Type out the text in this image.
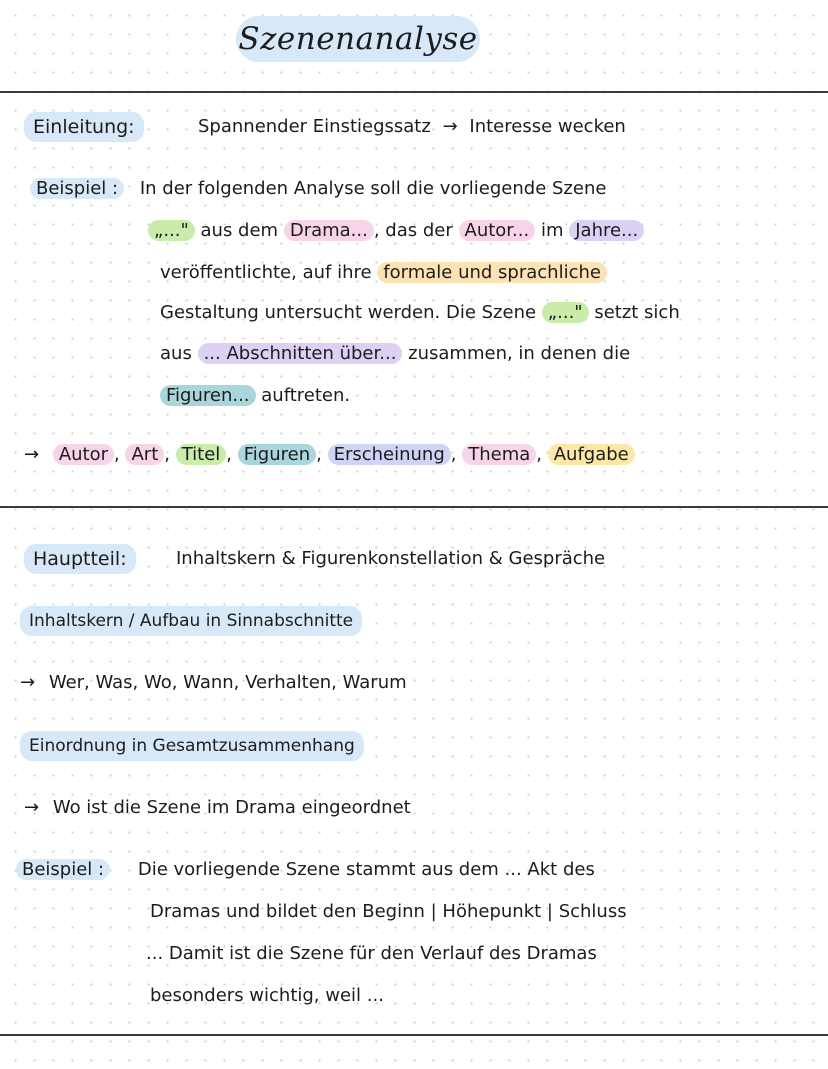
Szenenanalyse
Einleitung:	Spannender Einstiegssatz → Interesse wecken
Beispiel : In der folgenden Analyse soll die vorliegende Szene
„..." aus dem Drama... , das der Autor... im Jahre...
veröffentlichte, auf ihre formale und sprachliche
Gestaltung untersucht werden. Die Szene „..." setzt sich
aus ... Abschnitten über... zusammen, in denen die
Figuren... auftreten.
→ Autor , Art , Titel , Figuren , Erscheinung , Thema , Aufgabe
Hauptteil:	Inhaltskern & Figurenkonstellation & Gespräche
Inhaltskern / Aufbau in Sinnabschnitte
→ Wer, Was, Wo, Wann, Verhalten, Warum
Einordnung in Gesamtzusammenhang
→ Wo ist die Szene im Drama eingeordnet
Beispiel : Die vorliegende Szene stammt aus dem ... Akt des
Dramas und bildet den Beginn | Höhepunkt | Schluss
... Damit ist die Szene für den Verlauf des Dramas
besonders wichtig, weil ...
